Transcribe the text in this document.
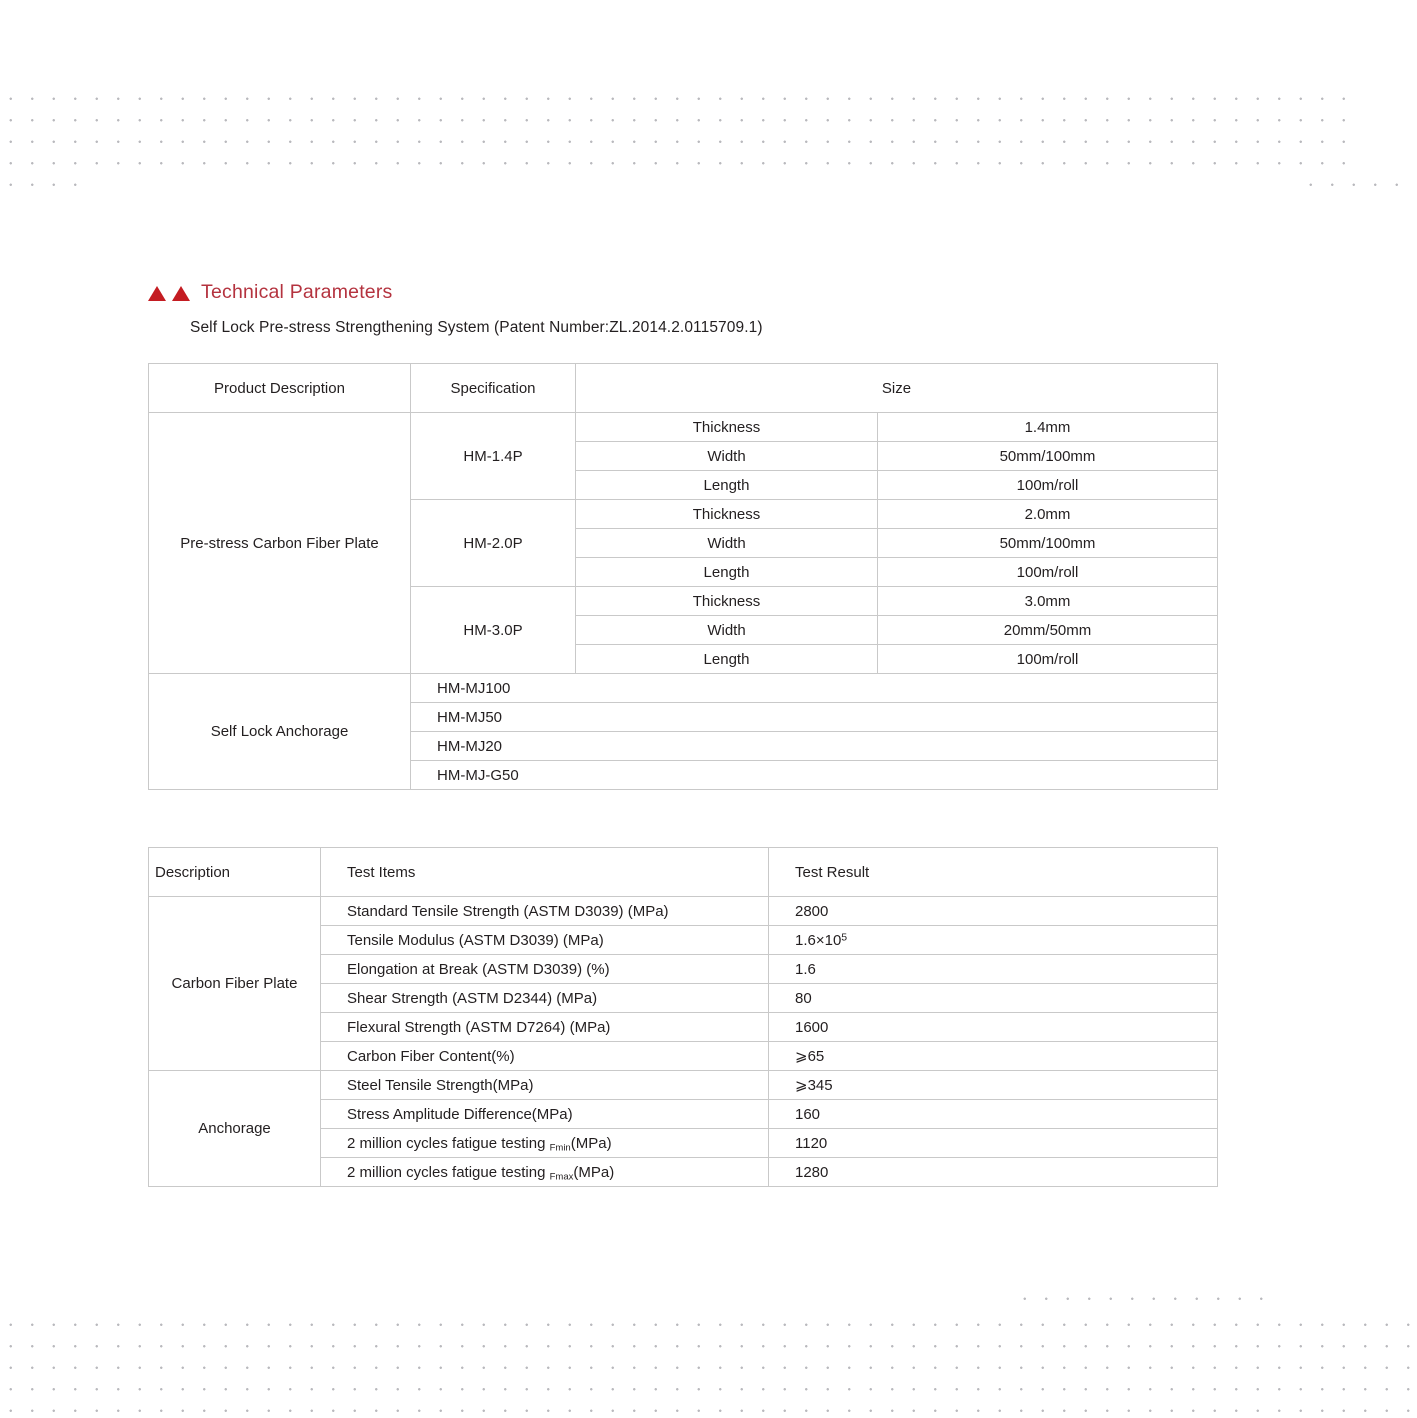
Technical Parameters
Self Lock Pre-stress Strengthening System (Patent Number:ZL.2014.2.0115709.1)
Product Description	Specification	Size	
Pre-stress Carbon Fiber Plate	HM-1.4P	Thickness	1.4mm
		Width	50mm/100mm
		Length	100m/roll
	HM-2.0P	Thickness	2.0mm
		Width	50mm/100mm
		Length	100m/roll
	HM-3.0P	Thickness	3.0mm
		Width	20mm/50mm
		Length	100m/roll
Self Lock Anchorage	HM-MJ100		
	HM-MJ50		
	HM-MJ20		
	HM-MJ-G50		
Description	Test Items	Test Result
Carbon Fiber Plate	Standard Tensile Strength (ASTM D3039) (MPa)	2800
	Tensile Modulus (ASTM D3039) (MPa)	$1.6\times 10^5$
	Elongation at Break (ASTM D3039) (%)	1.6
	Shear Strength (ASTM D2344) (MPa)	80
	Flexural Strength (ASTM D7264) (MPa)	1600
	Carbon Fiber Content(%)	⩾65
Anchorage	Steel Tensile Strength(MPa)	⩾345
	Stress Amplitude Difference(MPa)	160
	2 million cycles fatigue testing $_{Fmin}$(MPa)	1120
	2 million cycles fatigue testing $_{Fmax}$(MPa)	1280
